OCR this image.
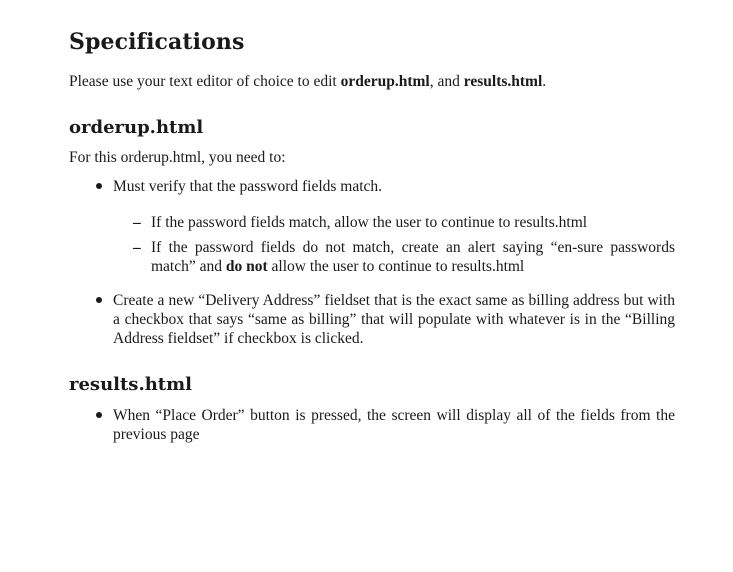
Specifications

Please use your text editor of choice to edit orderup.html, and results.html.

orderup.html

For this orderup.html, you need to:

Must verify that the password fields match.
– If the password fields match, allow the user to continue to results.html
– If the password fields do not match, create an alert saying “en-sure passwords match” and do not allow the user to continue to results.html
Create a new “Delivery Address” fieldset that is the exact same as billing address but with a checkbox that says “same as billing” that will populate with whatever is in the “Billing Address fieldset” if checkbox is clicked.
results.html
When “Place Order” button is pressed, the screen will display all of the fields from the previous page
